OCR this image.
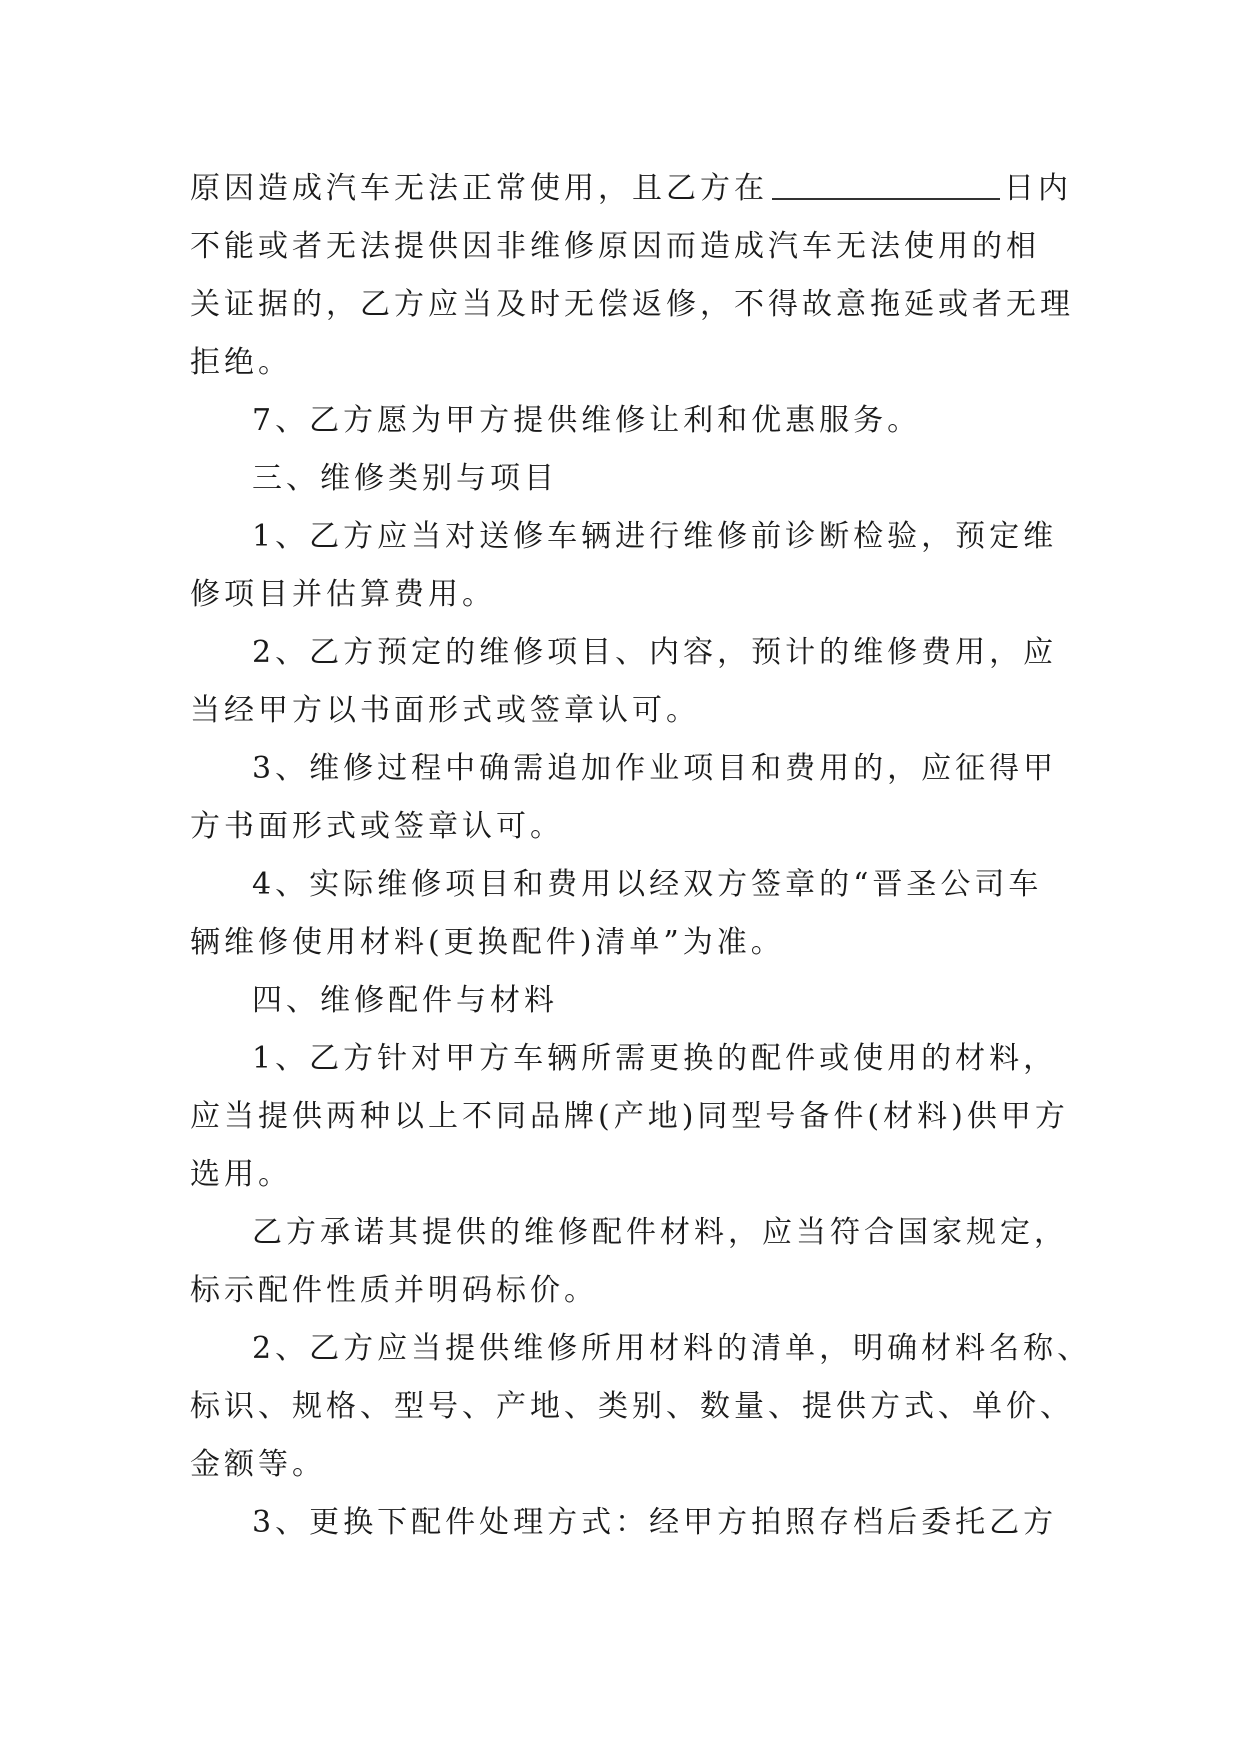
原因造成汽车无法正常使用，且乙方在	日内
不能或者无法提供因非维修原因而造成汽车无法使用的相
关证据的，乙方应当及时无偿返修，不得故意拖延或者无理
拒绝。
7、乙方愿为甲方提供维修让利和优惠服务。
三、维修类别与项目
1、乙方应当对送修车辆进行维修前诊断检验，预定维
修项目并估算费用。
2、乙方预定的维修项目、内容，预计的维修费用，应
当经甲方以书面形式或签章认可。
3、维修过程中确需追加作业项目和费用的，应征得甲
方书面形式或签章认可。
4、实际维修项目和费用以经双方签章的“晋圣公司车
辆维修使用材料(更换配件)清单”为准。
四、维修配件与材料
1、乙方针对甲方车辆所需更换的配件或使用的材料，
应当提供两种以上不同品牌(产地)同型号备件(材料)供甲方
选用。
乙方承诺其提供的维修配件材料，应当符合国家规定，
标示配件性质并明码标价。
2、乙方应当提供维修所用材料的清单，明确材料名称、
标识、规格、型号、产地、类别、数量、提供方式、单价、
金额等。
3、更换下配件处理方式：经甲方拍照存档后委托乙方
